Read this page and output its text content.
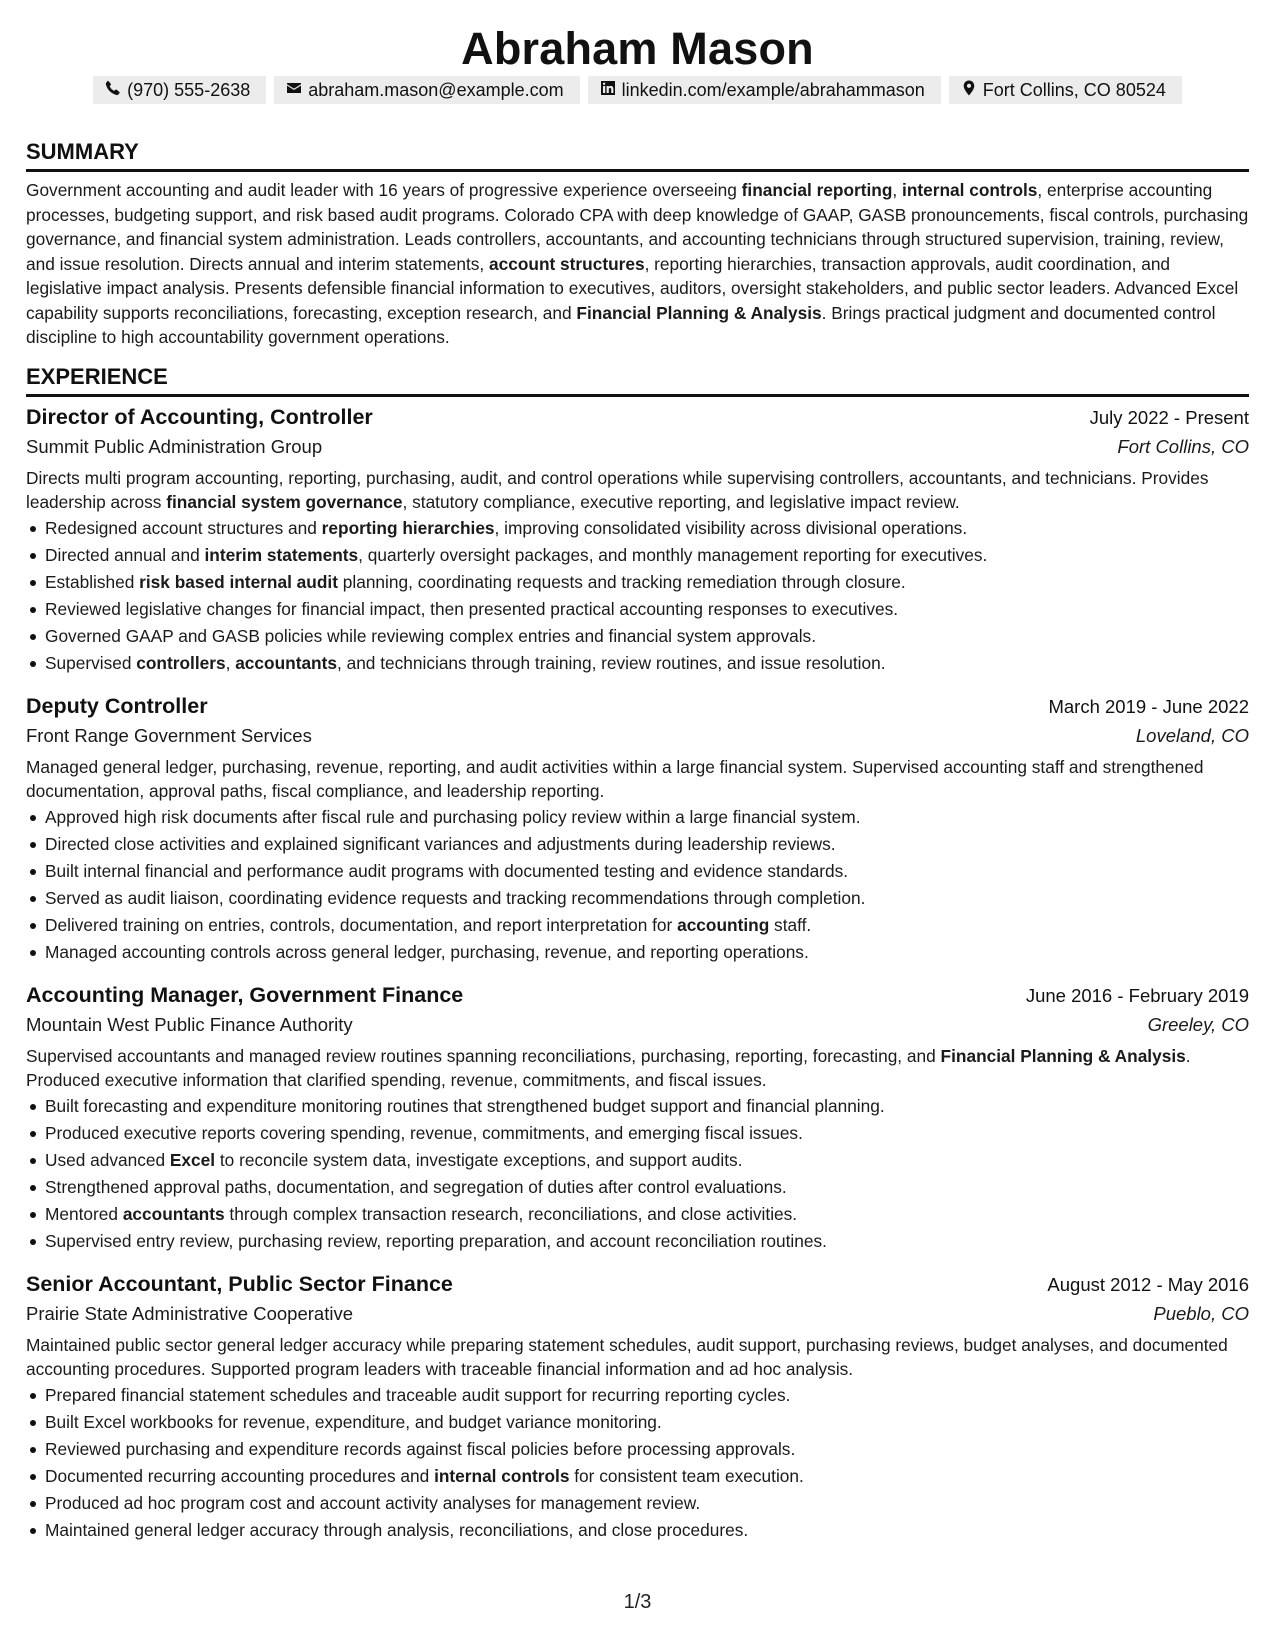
Abraham Mason
(970) 555-2638	abraham.mason@example.com	linkedin.com/example/abrahammason	Fort Collins, CO 80524
SUMMARY

Government accounting and audit leader with 16 years of progressive experience overseeing financial reporting, internal controls, enterprise accounting processes, budgeting support, and risk based audit programs. Colorado CPA with deep knowledge of GAAP, GASB pronouncements, fiscal controls, purchasing governance, and financial system administration. Leads controllers, accountants, and accounting technicians through structured supervision, training, review, and issue resolution. Directs annual and interim statements, account structures, reporting hierarchies, transaction approvals, audit coordination, and legislative impact analysis. Presents defensible financial information to executives, auditors, oversight stakeholders, and public sector leaders. Advanced Excel capability supports reconciliations, forecasting, exception research, and Financial Planning & Analysis. Brings practical judgment and documented control discipline to high accountability government operations.

EXPERIENCE
Director of Accounting, Controller	July 2022 - Present
Summit Public Administration Group	Fort Collins, CO

Directs multi program accounting, reporting, purchasing, audit, and control operations while supervising controllers, accountants, and technicians. Provides leadership across financial system governance, statutory compliance, executive reporting, and legislative impact review.

Redesigned account structures and reporting hierarchies, improving consolidated visibility across divisional operations.
Directed annual and interim statements, quarterly oversight packages, and monthly management reporting for executives.
Established risk based internal audit planning, coordinating requests and tracking remediation through closure.
Reviewed legislative changes for financial impact, then presented practical accounting responses to executives.
Governed GAAP and GASB policies while reviewing complex entries and financial system approvals.
Supervised controllers, accountants, and technicians through training, review routines, and issue resolution.
Deputy Controller	March 2019 - June 2022
Front Range Government Services	Loveland, CO

Managed general ledger, purchasing, revenue, reporting, and audit activities within a large financial system. Supervised accounting staff and strengthened documentation, approval paths, fiscal compliance, and leadership reporting.

Approved high risk documents after fiscal rule and purchasing policy review within a large financial system.
Directed close activities and explained significant variances and adjustments during leadership reviews.
Built internal financial and performance audit programs with documented testing and evidence standards.
Served as audit liaison, coordinating evidence requests and tracking recommendations through completion.
Delivered training on entries, controls, documentation, and report interpretation for accounting staff.
Managed accounting controls across general ledger, purchasing, revenue, and reporting operations.
Accounting Manager, Government Finance	June 2016 - February 2019
Mountain West Public Finance Authority	Greeley, CO

Supervised accountants and managed review routines spanning reconciliations, purchasing, reporting, forecasting, and Financial Planning & Analysis. Produced executive information that clarified spending, revenue, commitments, and fiscal issues.

Built forecasting and expenditure monitoring routines that strengthened budget support and financial planning.
Produced executive reports covering spending, revenue, commitments, and emerging fiscal issues.
Used advanced Excel to reconcile system data, investigate exceptions, and support audits.
Strengthened approval paths, documentation, and segregation of duties after control evaluations.
Mentored accountants through complex transaction research, reconciliations, and close activities.
Supervised entry review, purchasing review, reporting preparation, and account reconciliation routines.
Senior Accountant, Public Sector Finance	August 2012 - May 2016
Prairie State Administrative Cooperative	Pueblo, CO

Maintained public sector general ledger accuracy while preparing statement schedules, audit support, purchasing reviews, budget analyses, and documented accounting procedures. Supported program leaders with traceable financial information and ad hoc analysis.

Prepared financial statement schedules and traceable audit support for recurring reporting cycles.
Built Excel workbooks for revenue, expenditure, and budget variance monitoring.
Reviewed purchasing and expenditure records against fiscal policies before processing approvals.
Documented recurring accounting procedures and internal controls for consistent team execution.
Produced ad hoc program cost and account activity analyses for management review.
Maintained general ledger accuracy through analysis, reconciliations, and close procedures.
1/3
